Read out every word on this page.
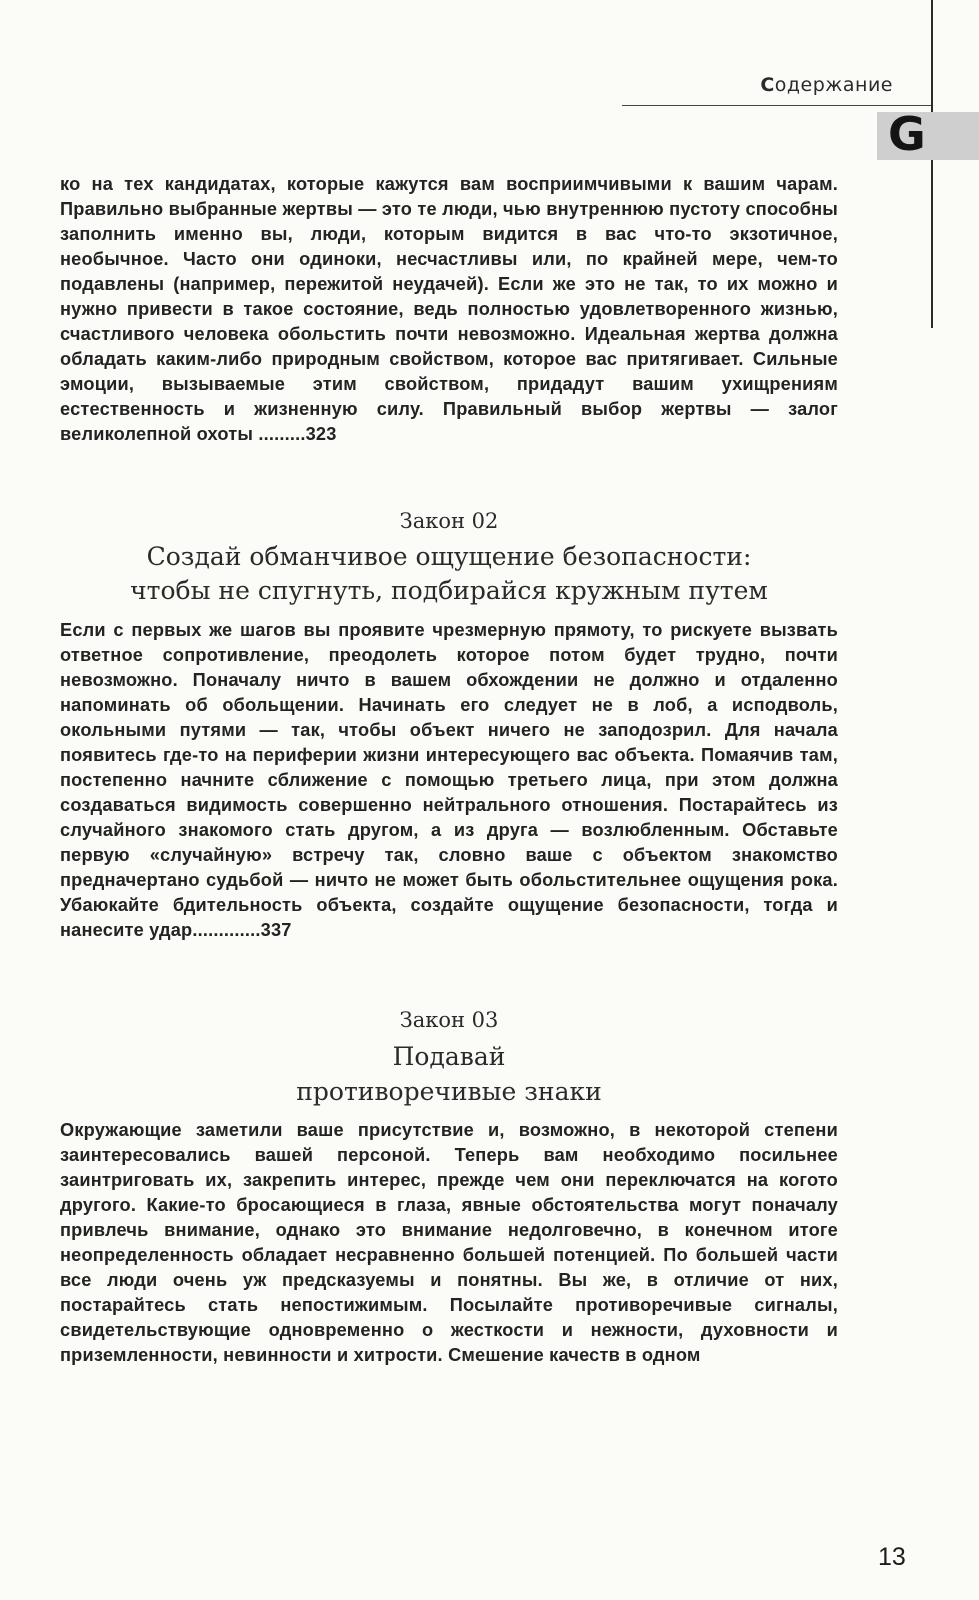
Содержание
G

ко на тех кандидатах, которые кажутся вам восприимчивыми к вашим чарам. Правильно выбранные жертвы — это те люди, чью внутреннюю пустоту способны заполнить именно вы, люди, которым видится в вас что-то экзотичное, необычное. Часто они одиноки, несчастливы или, по крайней мере, чем-то подавлены (например, пережитой неудачей). Если же это не так, то их можно и нужно привести в такое состояние, ведь полностью удовлетворенного жизнью, счастливого человека обольстить почти невозможно. Идеальная жертва должна обладать каким-либо природным свойством, которое вас притягивает. Сильные эмоции, вызываемые этим свойством, придадут вашим ухищрениям естественность и жизненную силу. Правильный выбор жертвы — залог великолепной охоты .........323

Закон 02
Создай обманчивое ощущение безопасности:
чтобы не спугнуть, подбирайся кружным путем

Если с первых же шагов вы проявите чрезмерную прямоту, то рискуете вызвать ответное сопротивление, преодолеть которое потом будет трудно, почти невозможно. Поначалу ничто в вашем обхождении не должно и отдаленно напоминать об обольщении. Начинать его следует не в лоб, а исподволь, окольными путями — так, чтобы объект ничего не заподозрил. Для начала появитесь где-то на периферии жизни интересующего вас объекта. Помаячив там, постепенно начните сближение с помощью третьего лица, при этом должна создаваться видимость совершенно нейтрального отношения. Постарайтесь из случайного знакомого стать другом, а из друга — возлюбленным. Обставьте первую «случайную» встречу так, словно ваше с объектом знакомство предначертано судьбой — ничто не может быть обольстительнее ощущения рока. Убаюкайте бдительность объекта, создайте ощущение безопасности, тогда и нанесите удар.............337

Закон 03
Подавай
противоречивые знаки

Окружающие заметили ваше присутствие и, возможно, в некоторой степени заинтересовались вашей персоной. Теперь вам необходимо посильнее заинтриговать их, закрепить интерес, прежде чем они переключатся на когото другого. Какие-то бросающиеся в глаза, явные обстоятельства могут поначалу привлечь внимание, однако это внимание недолговечно, в конечном итоге неопределенность обладает несравненно большей потенцией. По большей части все люди очень уж предсказуемы и понятны. Вы же, в отличие от них, постарайтесь стать непостижимым. Посылайте противоречивые сигналы, свидетельствующие одновременно о жесткости и нежности, духовности и приземленности, невинности и хитрости. Смешение качеств в одном

13
